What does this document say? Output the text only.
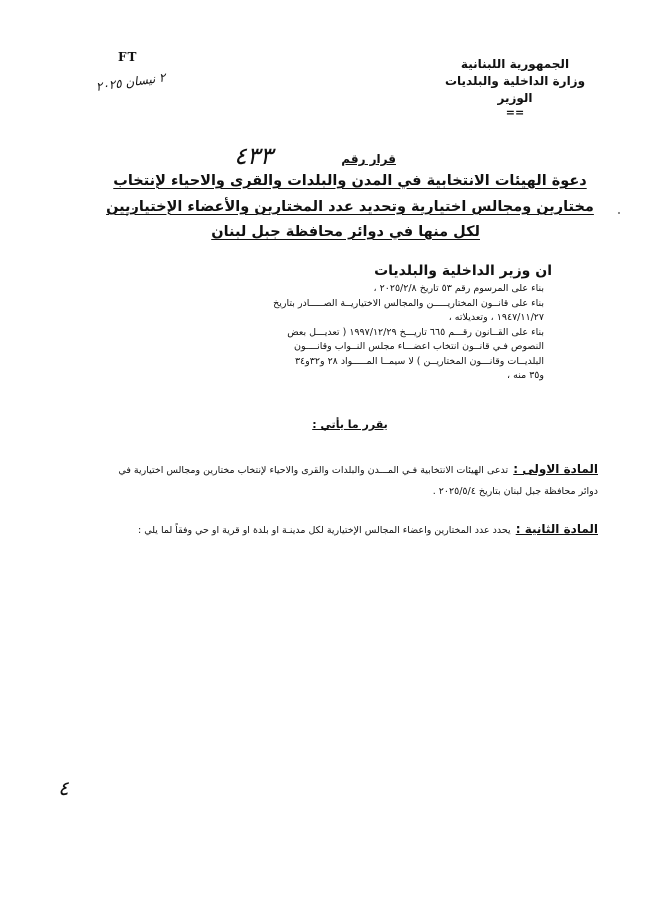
الجمهورية اللبنانية
وزارة الداخلية والبلديات
الوزير
==
FT
٢ نيسان ٢٠٢٥
٤٣٣	قرار رقم
دعوة الهيئات الانتخابية في المدن والبلدات والقرى والاحياء لإنتخاب
مختارين ومجالس اختيارية وتحديد عدد المختارين والأعضاء الإختياريين
لكل منها في دوائر محافظة جبل لبنان
ان وزير الداخلية والبلديات
بناء على المرسوم رقم ٥٣ تاريخ ٢٠٢٥/٢/٨ ،
بناء على قانــون المختاريـــــن والمجالس الاختياريــة الصـــــادر بتاريخ
١٩٤٧/١١/٢٧ ، وتعديلاته ،
بناء على القــانون رقـــم ٦٦٥ تاريـــخ ١٩٩٧/١٢/٢٩ ( تعديـــل بعض
النصوص فـي قانــون انتخاب اعضـــاء مجلس النــواب وقانــــون
البلديــات وقانـــون المختاريــن ) لا سيمــا المـــــواد ٢٨ و٣٢و٣٤
و٣٥ منه ،
يقرر ما يأتي :
المادة الاولى : تدعى الهيئات الانتخابية فـي المـــدن والبلدات والقرى والاحياء لإنتخاب مختارين ومجالس اختيارية في دوائر محافظة جبل لبنان بتاريخ ٢٠٢٥/٥/٤ .
المادة الثانية : يحدد عدد المختارين واعضاء المجالس الإختيارية لكل مدينـة او بلدة او قرية او حي وفقاً لما يلي :
٤
